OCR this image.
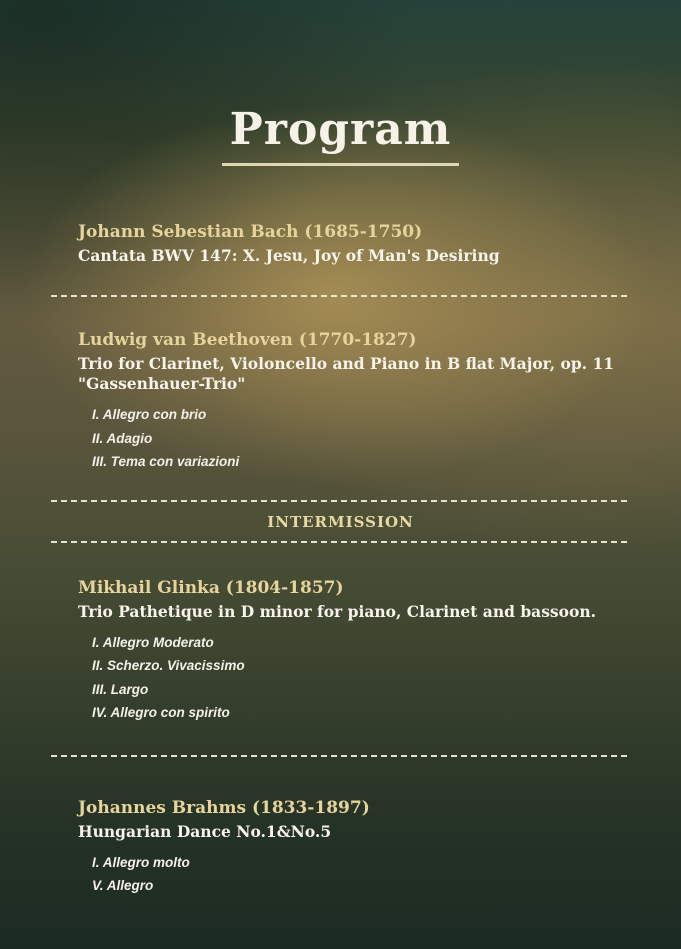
Program
Johann Sebestian Bach (1685-1750)

Cantata BWV 147: X. Jesu, Joy of Man's Desiring

Ludwig van Beethoven (1770-1827)

Trio for Clarinet, Violoncello and Piano in B flat Major, op. 11 "Gassenhauer-Trio"

I. Allegro con brio
II. Adagio
III. Tema con variazioni
INTERMISSION
Mikhail Glinka (1804-1857)

Trio Pathetique in D minor for piano, Clarinet and bassoon.

I. Allegro Moderato
II. Scherzo. Vivacissimo
III. Largo
IV. Allegro con spirito
Johannes Brahms (1833-1897)

Hungarian Dance No.1&No.5

I. Allegro molto
V. Allegro
